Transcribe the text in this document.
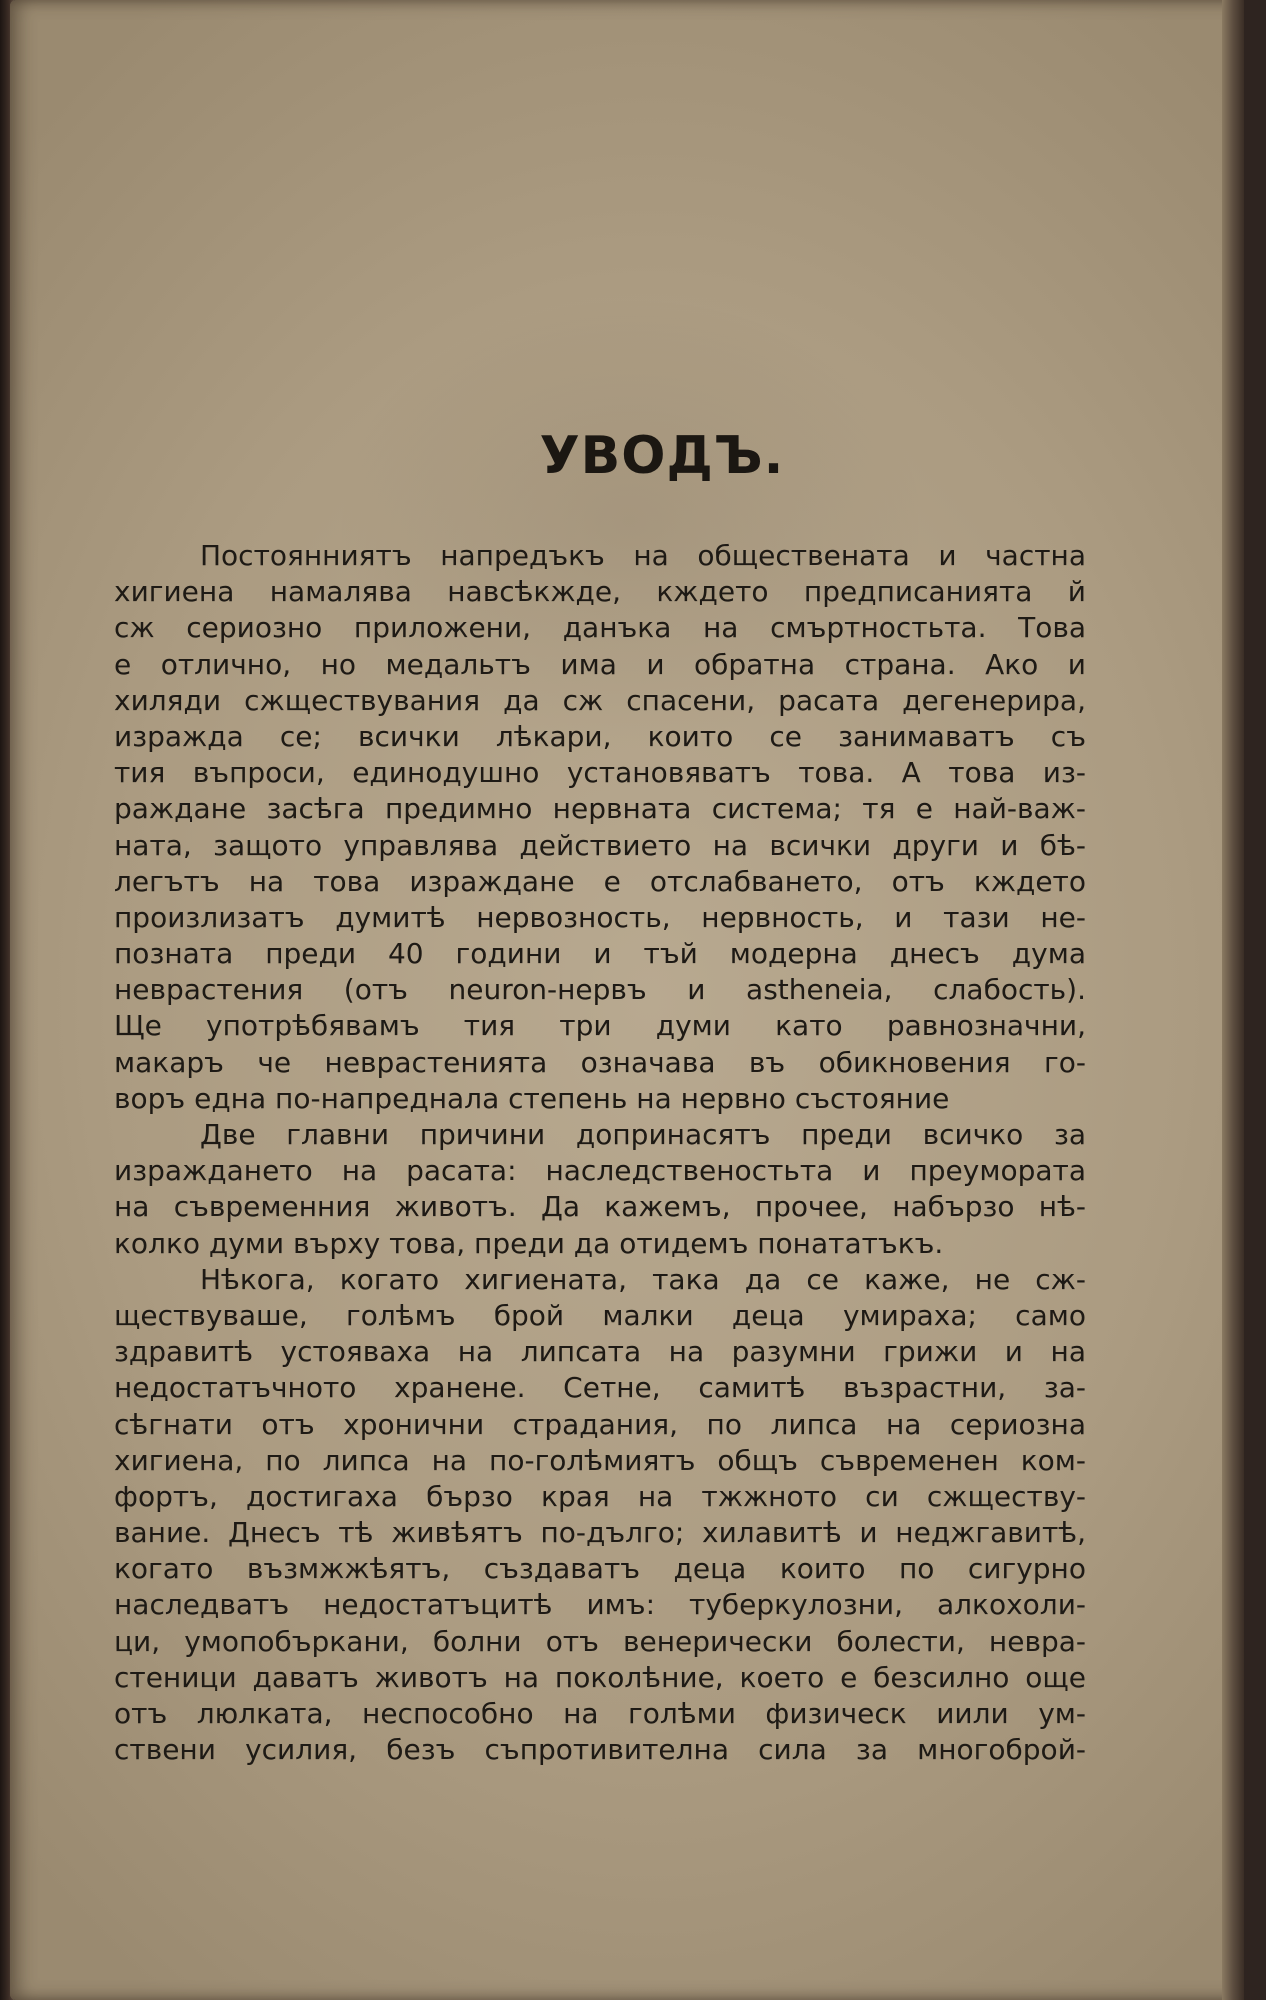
УВОДЪ.
Постоянниятъ напредъкъ на обществената и частна
хигиена намалява навсѣкжде, кждето предписанията й
сж сериозно приложени, данъка на смъртностьта. Това
е отлично, но медальтъ има и обратна страна. Ако и
хиляди сжществувания да сж спасени, расата дегенерира,
изражда се; всички лѣкари, които се занимаватъ съ
тия въпроси, единодушно установяватъ това. А това из-
раждане засѣга предимно нервната система; тя е най-важ-
ната, защото управлява действието на всички други и бѣ-
легътъ на това израждане е отслабването, отъ кждето
произлизатъ думитѣ нервозность, нервность, и тази не-
позната преди 40 години и тъй модерна днесъ дума
неврастения (отъ neuron-нервъ и astheneia, слабость).
Ще употрѣбявамъ тия три думи като равнозначни,
макаръ че неврастенията означава въ обикновения го-
воръ една по-напреднала степень на нервно състояние
Две главни причини допринасятъ преди всичко за
израждането на расата: наследственостьта и преумората
на съвременния животъ. Да кажемъ, прочее, набързо нѣ-
колко думи върху това, преди да отидемъ понататъкъ.
Нѣкога, когато хигиената, така да се каже, не сж-
ществуваше, голѣмъ брой малки деца умираха; само
здравитѣ устояваха на липсата на разумни грижи и на
недостатъчното хранене. Сетне, самитѣ възрастни, за-
сѣгнати отъ хронични страдания, по липса на сериозна
хигиена, по липса на по-голѣмиятъ общъ съвременен ком-
фортъ, достигаха бързо края на тжжното си сжществу-
вание. Днесъ тѣ живѣятъ по-дълго; хилавитѣ и неджгавитѣ,
когато възмжжѣятъ, създаватъ деца които по сигурно
наследватъ недостатъцитѣ имъ: туберкулозни, алкохоли-
ци, умопобъркани, болни отъ венерически болести, невра-
стеници даватъ животъ на поколѣние, което е безсилно още
отъ люлката, неспособно на голѣми физическ иили ум-
ствени усилия, безъ съпротивителна сила за многоброй-
